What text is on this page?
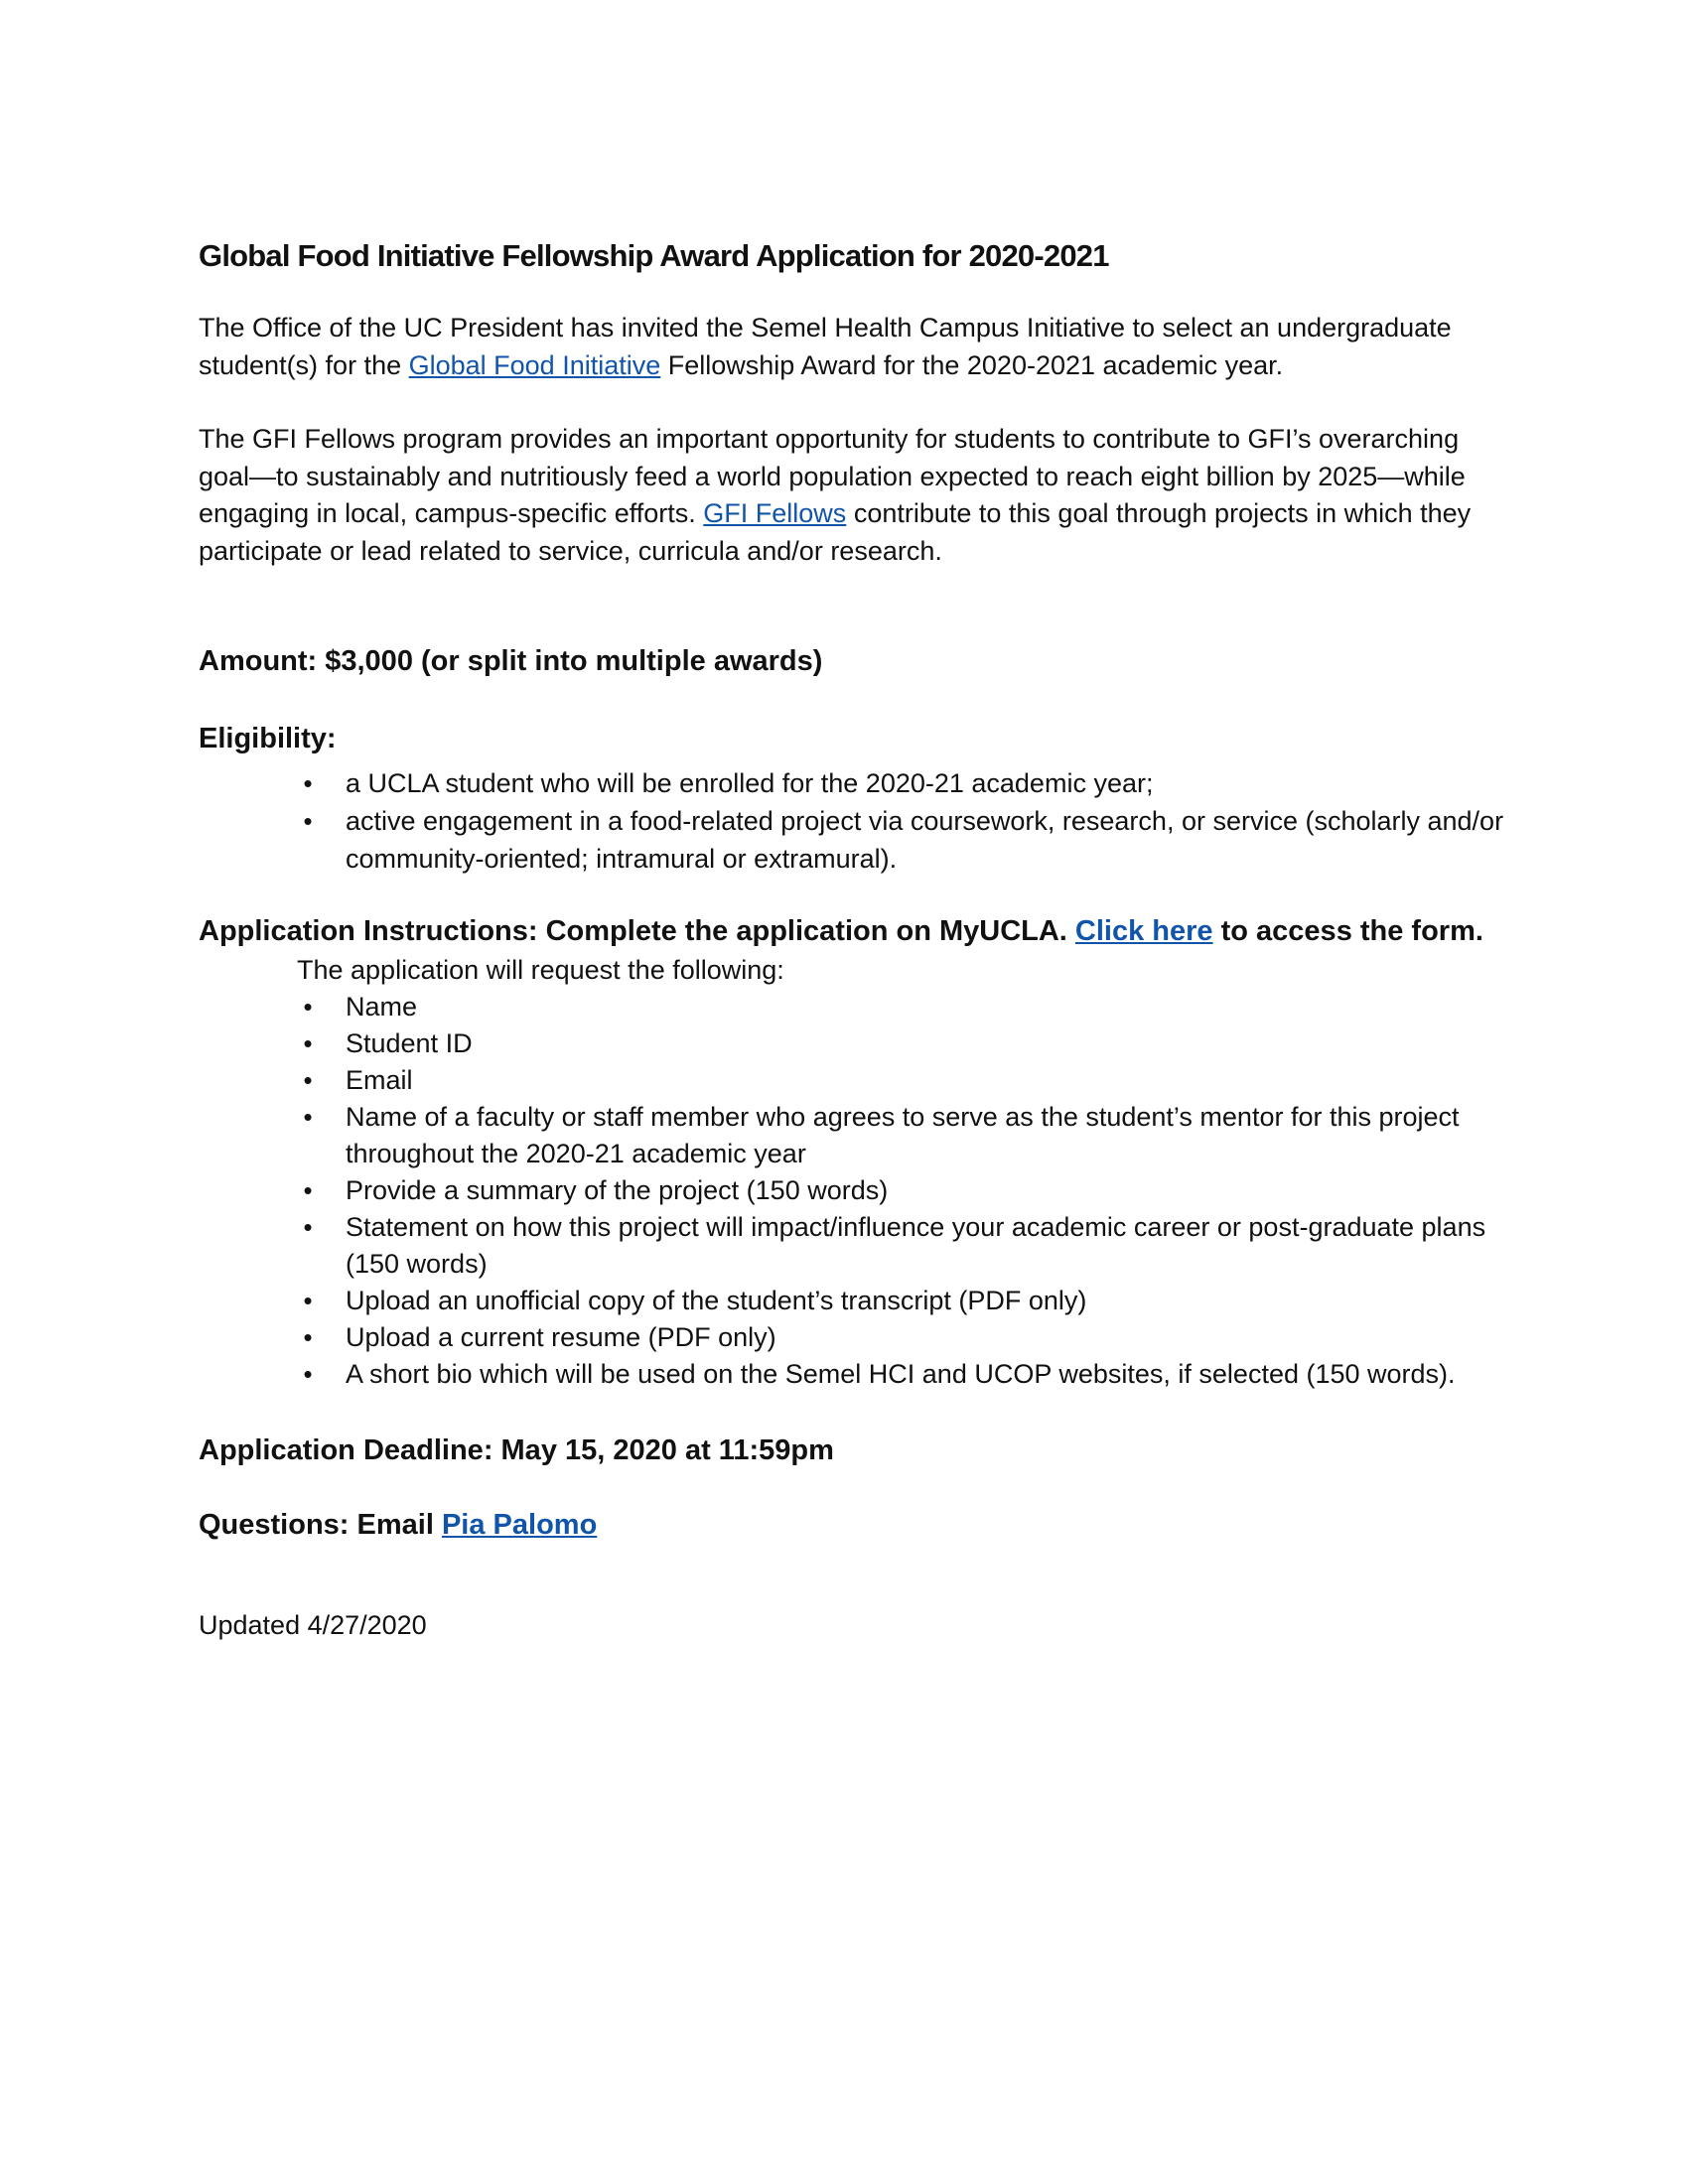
Global Food Initiative Fellowship Award Application for 2020-2021

The Office of the UC President has invited the Semel Health Campus Initiative to select an undergraduate student(s) for the Global Food Initiative Fellowship Award for the 2020-2021 academic year.

The GFI Fellows program provides an important opportunity for students to contribute to GFI’s overarching goal—to sustainably and nutritiously feed a world population expected to reach eight billion by 2025—while engaging in local, campus-specific efforts. GFI Fellows contribute to this goal through projects in which they participate or lead related to service, curricula and/or research.

Amount: $3,000 (or split into multiple awards)
Eligibility:
• a UCLA student who will be enrolled for the 2020-21 academic year;
• active engagement in a food-related project via coursework, research, or service (scholarly and/or community-oriented; intramural or extramural).
Application Instructions: Complete the application on MyUCLA. Click here to access the form.
The application will request the following:
• Name
• Student ID
• Email
• Name of a faculty or staff member who agrees to serve as the student’s mentor for this project throughout the 2020-21 academic year
• Provide a summary of the project (150 words)
• Statement on how this project will impact/influence your academic career or post-graduate plans (150 words)
• Upload an unofficial copy of the student’s transcript (PDF only)
• Upload a current resume (PDF only)
• A short bio which will be used on the Semel HCI and UCOP websites, if selected (150 words).
Application Deadline: May 15, 2020 at 11:59pm
Questions: Email Pia Palomo
Updated 4/27/2020
